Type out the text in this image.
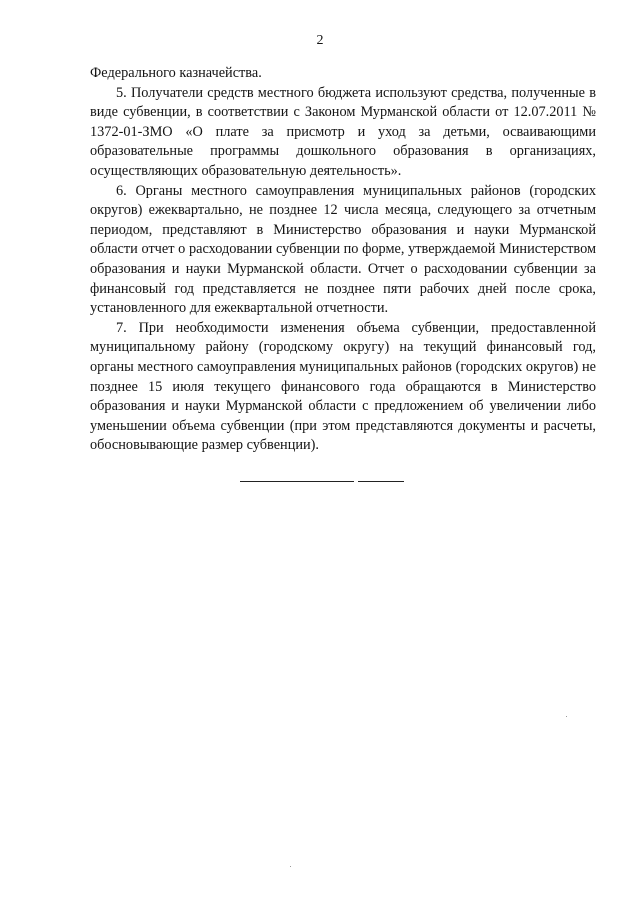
2

Федерального казначейства.

5. Получатели средств местного бюджета используют средства, полученные в виде субвенции, в соответствии с Законом Мурманской области от 12.07.2011 № 1372-01-ЗМО «О плате за присмотр и уход за детьми, осваивающими образовательные программы дошкольного образования в организациях, осуществляющих образовательную деятельность».

6. Органы местного самоуправления муниципальных районов (городских округов) ежеквартально, не позднее 12 числа месяца, следующего за отчетным периодом, представляют в Министерство образования и науки Мурманской области отчет о расходовании субвенции по форме, утверждаемой Министерством образования и науки Мурманской области. Отчет о расходовании субвенции за финансовый год представляется не позднее пяти рабочих дней после срока, установленного для ежеквартальной отчетности.

7. При необходимости изменения объема субвенции, предоставленной муниципальному району (городскому округу) на текущий финансовый год, органы местного самоуправления муниципальных районов (городских округов) не позднее 15 июля текущего финансового года обращаются в Министерство образования и науки Мурманской области с предложением об увеличении либо уменьшении объема субвенции (при этом представляются документы и расчеты, обосновывающие размер субвенции).
